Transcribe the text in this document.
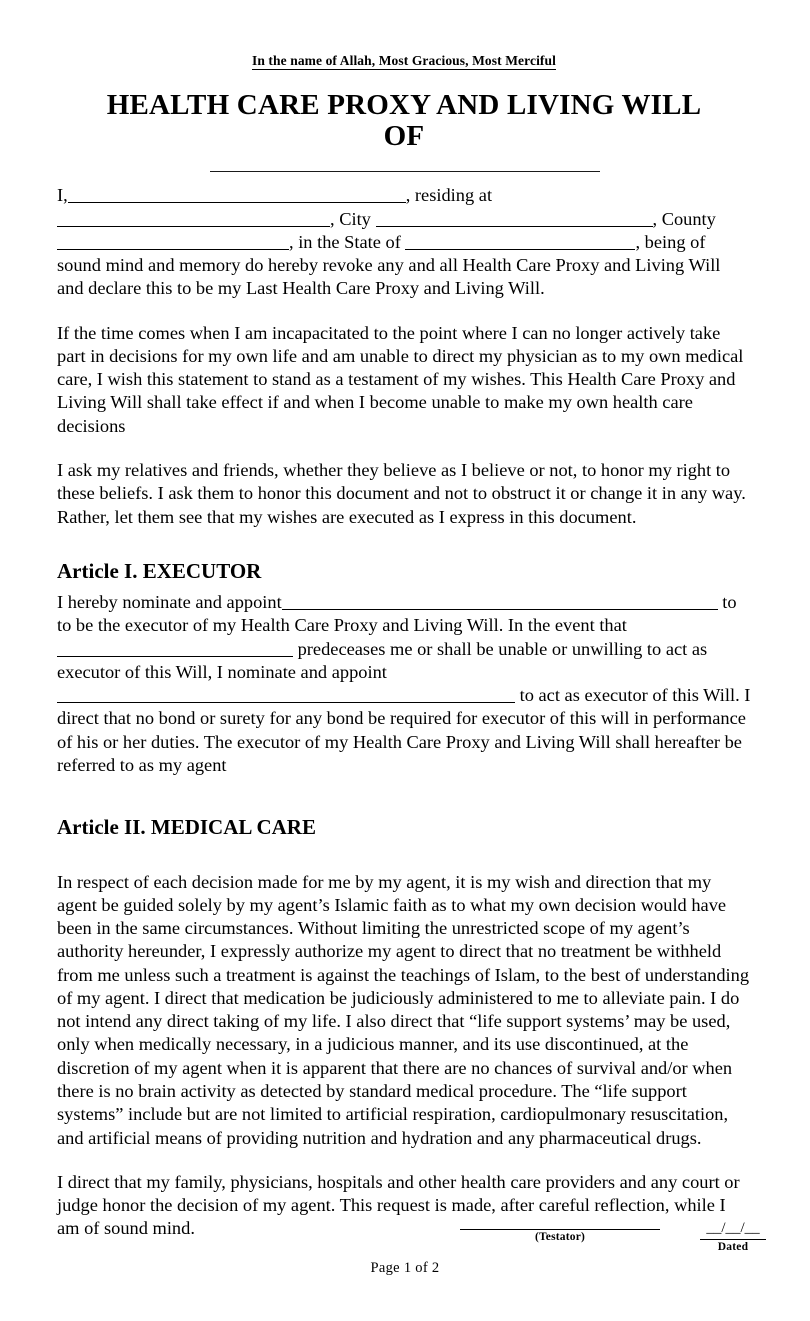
In the name of Allah, Most Gracious, Most Merciful
HEALTH CARE PROXY AND LIVING WILL
OF

I,	, residing at , City	, County , in the State of	, being of sound mind and memory do hereby revoke any and all Health Care Proxy and Living Will and declare this to be my Last Health Care Proxy and Living Will.

If the time comes when I am incapacitated to the point where I can no longer actively take part in decisions for my own life and am unable to direct my physician as to my own medical care, I wish this statement to stand as a testament of my wishes. This Health Care Proxy and Living Will shall take effect if and when I become unable to make my own health care decisions

I ask my relatives and friends, whether they believe as I believe or not, to honor my right to these beliefs. I ask them to honor this document and not to obstruct it or change it in any way. Rather, let them see that my wishes are executed as I express in this document.

Article I. EXECUTOR

I hereby nominate and appoint	to to be the executor of my Health Care Proxy and Living Will. In the event that  predeceases me or shall be unable or unwilling to act as executor of this Will, I nominate and appoint  to act as executor of this Will. I direct that no bond or surety for any bond be required for executor of this will in performance of his or her duties. The executor of my Health Care Proxy and Living Will shall hereafter be referred to as my agent

Article II. MEDICAL CARE

In respect of each decision made for me by my agent, it is my wish and direction that my agent be guided solely by my agent’s Islamic faith as to what my own decision would have been in the same circumstances. Without limiting the unrestricted scope of my agent’s authority hereunder, I expressly authorize my agent to direct that no treatment be withheld from me unless such a treatment is against the teachings of Islam, to the best of understanding of my agent. I direct that medication be judiciously administered to me to alleviate pain. I do not intend any direct taking of my life. I also direct that “life support systems’ may be used, only when medically necessary, in a judicious manner, and its use discontinued, at the discretion of my agent when it is apparent that there are no chances of survival and/or when there is no brain activity as detected by standard medical procedure. The “life support systems” include but are not limited to artificial respiration, cardiopulmonary resuscitation, and artificial means of providing nutrition and hydration and any pharmaceutical drugs.

I direct that my family, physicians, hospitals and other health care providers and any court or judge honor the decision of my agent. This request is made, after careful reflection, while I am of sound mind.	(Testator)
__/__/__
Dated
Page 1 of 2
